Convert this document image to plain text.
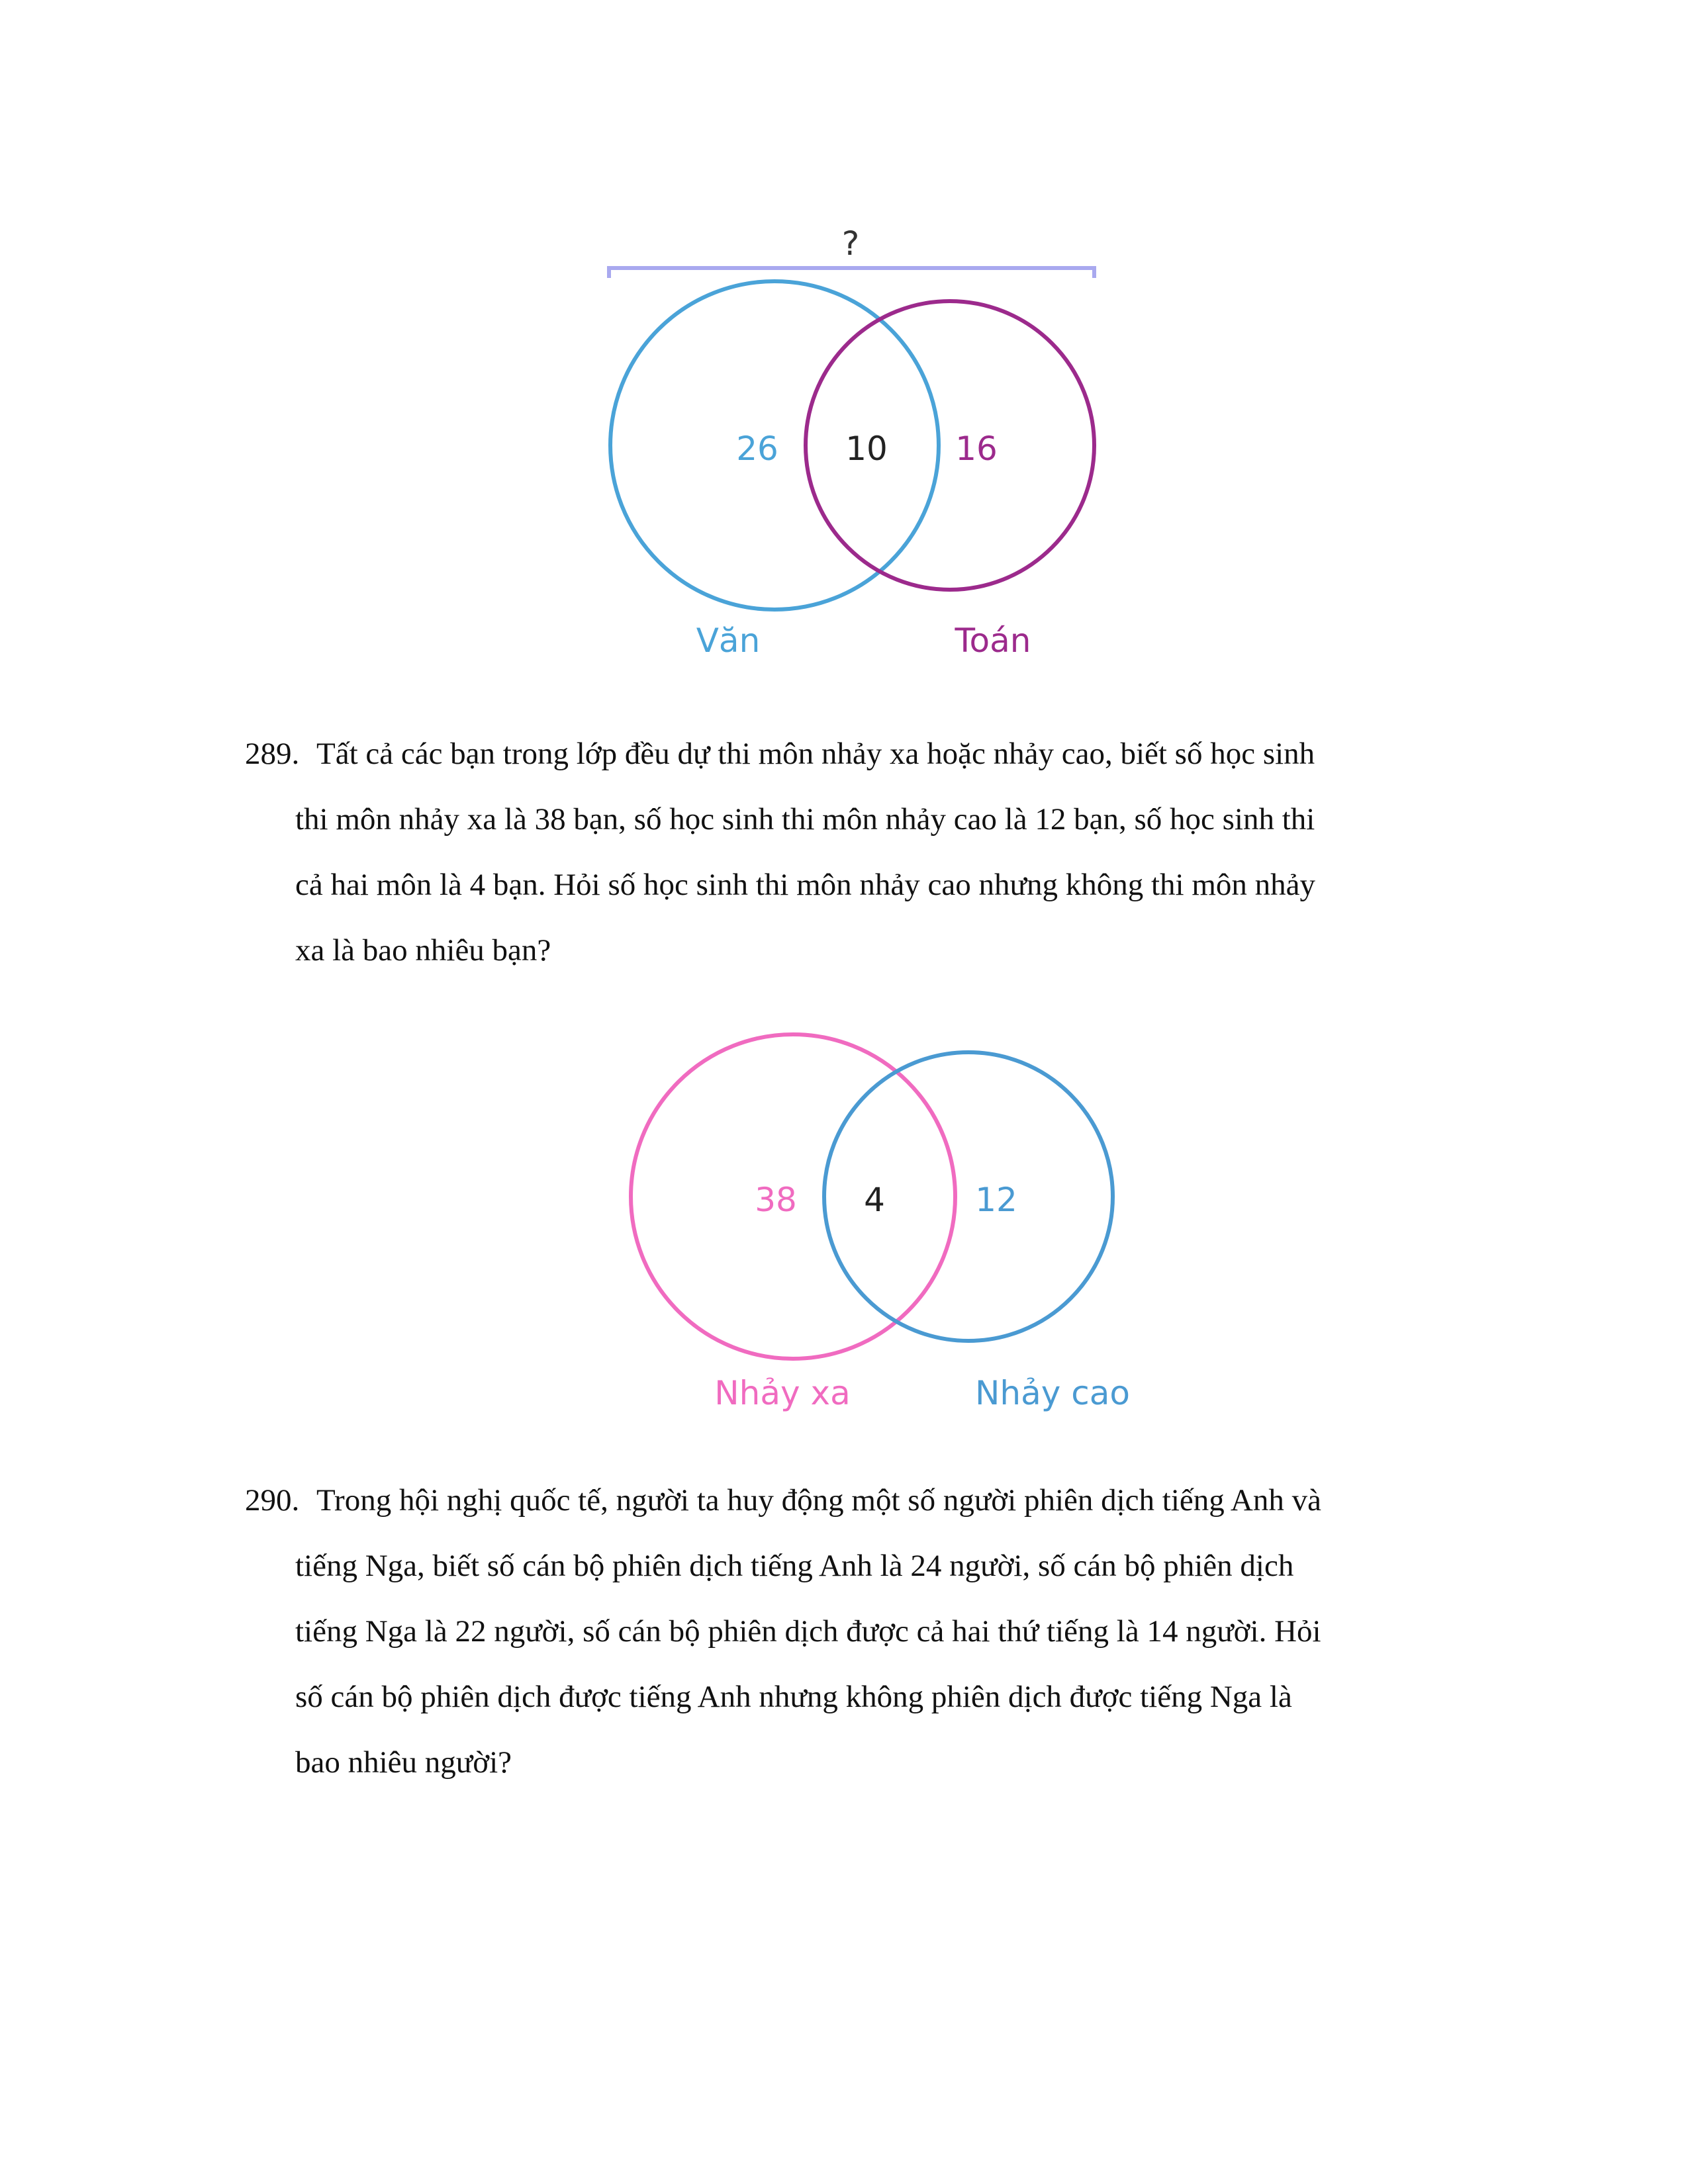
?
26 10 16
Văn	Toán
289. Tất cả các bạn trong lớp đều dự thi môn nhảy xa hoặc nhảy cao, biết số học sinh
thi môn nhảy xa là 38 bạn, số học sinh thi môn nhảy cao là 12 bạn, số học sinh thi
cả hai môn là 4 bạn. Hỏi số học sinh thi môn nhảy cao nhưng không thi môn nhảy
xa là bao nhiêu bạn?
38 4	12
Nhảy xa	Nhảy cao
290. Trong hội nghị quốc tế, người ta huy động một số người phiên dịch tiếng Anh và
tiếng Nga, biết số cán bộ phiên dịch tiếng Anh là 24 người, số cán bộ phiên dịch
tiếng Nga là 22 người, số cán bộ phiên dịch được cả hai thứ tiếng là 14 người. Hỏi
số cán bộ phiên dịch được tiếng Anh nhưng không phiên dịch được tiếng Nga là
bao nhiêu người?
